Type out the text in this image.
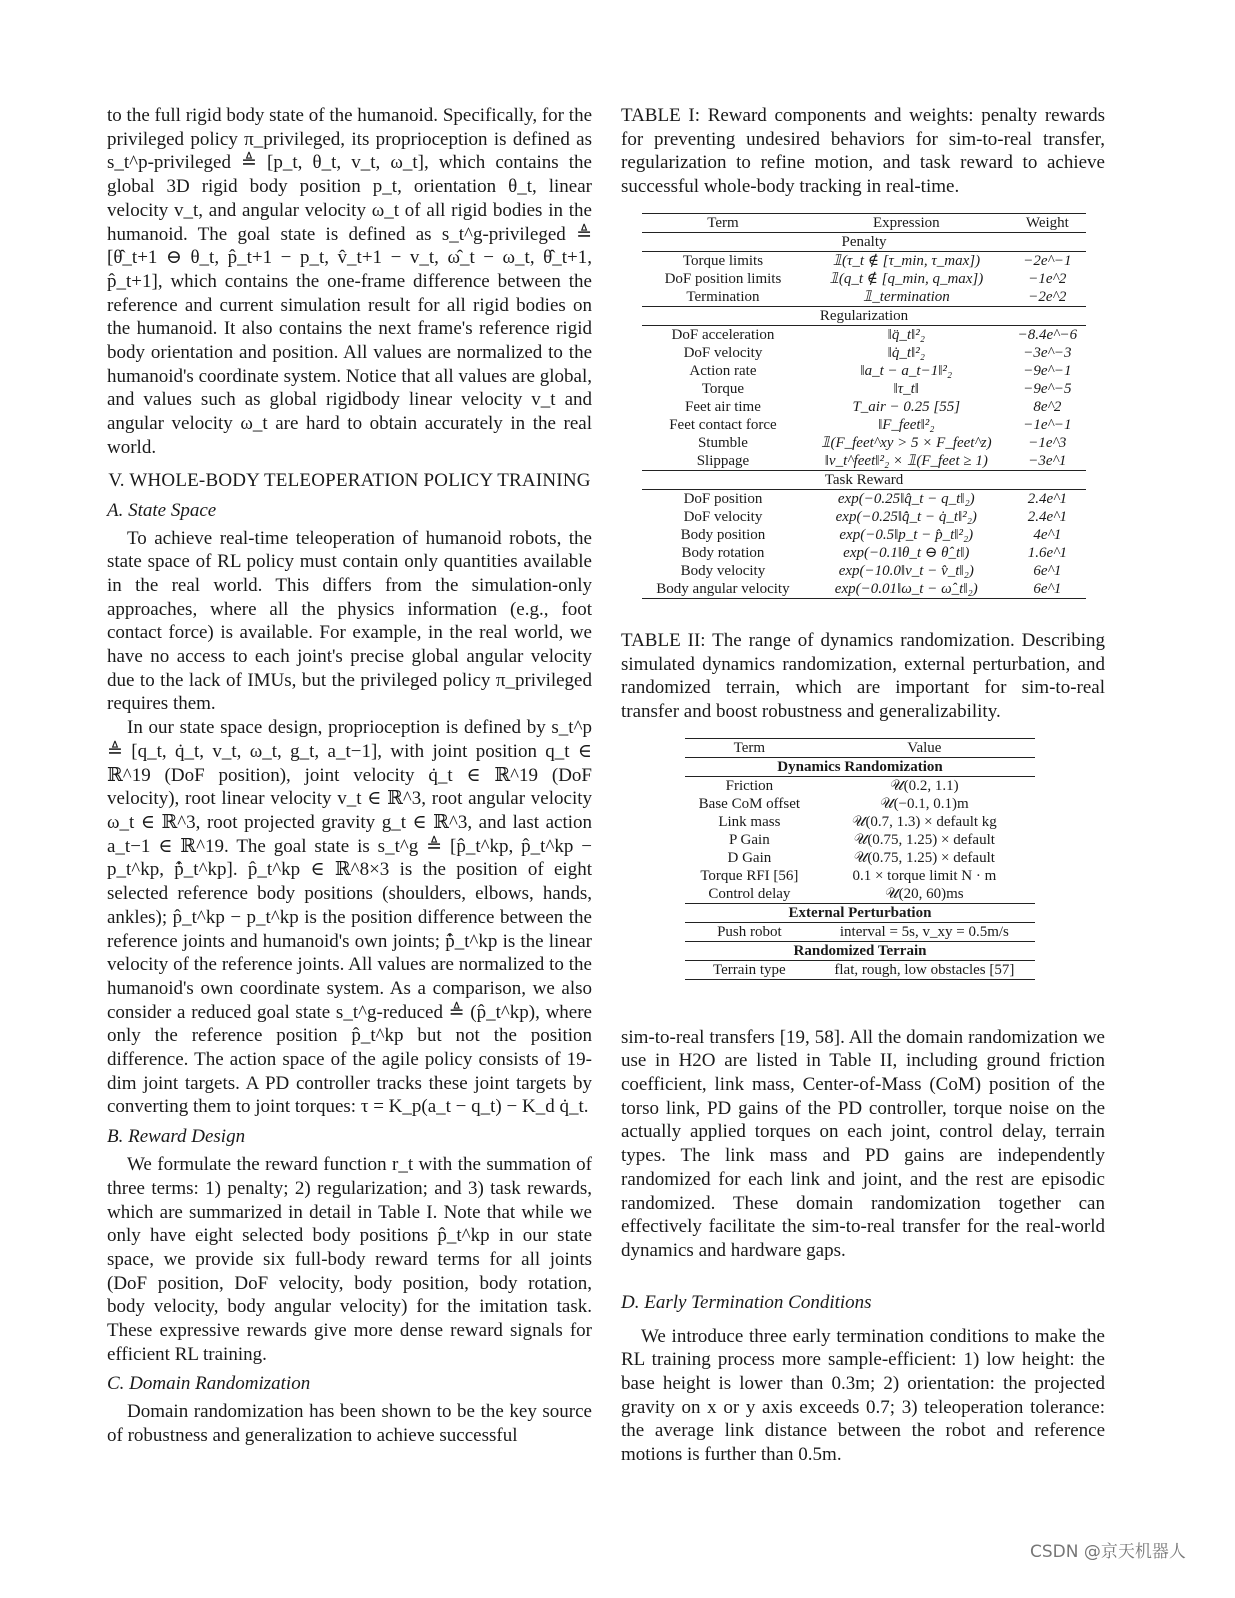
to the full rigid body state of the humanoid. Specifically, for the privileged policy π_privileged, its proprioception is defined as s_t^p-privileged ≜ [p_t, θ_t, v_t, ω_t], which contains the global 3D rigid body position p_t, orientation θ_t, linear velocity v_t, and angular velocity ω_t of all rigid bodies in the humanoid. The goal state is defined as s_t^g-privileged ≜ [θ̂_t+1 ⊖ θ_t, p̂_t+1 − p_t, v̂_t+1 − v_t, ω̂_t − ω_t, θ̂_t+1, p̂_t+1], which contains the one-frame difference between the reference and current simulation result for all rigid bodies on the humanoid. It also contains the next frame's reference rigid body orientation and position. All values are normalized to the humanoid's coordinate system. Notice that all values are global, and values such as global rigidbody linear velocity v_t and angular velocity ω_t are hard to obtain accurately in the real world.

V. WHOLE-BODY TELEOPERATION POLICY TRAINING
A. State Space

To achieve real-time teleoperation of humanoid robots, the state space of RL policy must contain only quantities available in the real world. This differs from the simulation-only approaches, where all the physics information (e.g., foot contact force) is available. For example, in the real world, we have no access to each joint's precise global angular velocity due to the lack of IMUs, but the privileged policy π_privileged requires them.

In our state space design, proprioception is defined by s_t^p ≜ [q_t, q̇_t, v_t, ω_t, g_t, a_t−1], with joint position q_t ∈ ℝ^19 (DoF position), joint velocity q̇_t ∈ ℝ^19 (DoF velocity), root linear velocity v_t ∈ ℝ^3, root angular velocity ω_t ∈ ℝ^3, root projected gravity g_t ∈ ℝ^3, and last action a_t−1 ∈ ℝ^19. The goal state is s_t^g ≜ [p̂_t^kp, p̂_t^kp − p_t^kp, p̂̇_t^kp]. p̂_t^kp ∈ ℝ^8×3 is the position of eight selected reference body positions (shoulders, elbows, hands, ankles); p̂_t^kp − p_t^kp is the position difference between the reference joints and humanoid's own joints; p̂̇_t^kp is the linear velocity of the reference joints. All values are normalized to the humanoid's own coordinate system. As a comparison, we also consider a reduced goal state s_t^g-reduced ≜ (p̂_t^kp), where only the reference position p̂_t^kp but not the position difference. The action space of the agile policy consists of 19-dim joint targets. A PD controller tracks these joint targets by converting them to joint torques: τ = K_p(a_t − q_t) − K_d q̇_t.

B. Reward Design

We formulate the reward function r_t with the summation of three terms: 1) penalty; 2) regularization; and 3) task rewards, which are summarized in detail in Table I. Note that while we only have eight selected body positions p̂_t^kp in our state space, we provide six full-body reward terms for all joints (DoF position, DoF velocity, body position, body rotation, body velocity, body angular velocity) for the imitation task. These expressive rewards give more dense reward signals for efficient RL training.

C. Domain Randomization

Domain randomization has been shown to be the key source of robustness and generalization to achieve successful

TABLE I: Reward components and weights: penalty rewards for preventing undesired behaviors for sim-to-real transfer, regularization to refine motion, and task reward to achieve successful whole-body tracking in real-time.
Term	Expression	Weight
Penalty		
Torque limits	𝟙(τ_t ∉ [τ_min, τ_max])	−2e^−1
DoF position limits	𝟙(q_t ∉ [q_min, q_max])	−1e^2
Termination	𝟙_termination	−2e^2
Regularization		
DoF acceleration	‖q̈_t‖²₂	−8.4e^−6
DoF velocity	‖q̇_t‖²₂	−3e^−3
Action rate	‖a_t − a_t−1‖²₂	−9e^−1
Torque	‖τ_t‖	−9e^−5
Feet air time	T_air − 0.25 [55]	8e^2
Feet contact force	‖F_feet‖²₂	−1e^−1
Stumble	𝟙(F_feet^xy > 5 × F_feet^z)	−1e^3
Slippage	‖v_t^feet‖²₂ × 𝟙(F_feet ≥ 1)	−3e^1
Task Reward		
DoF position	exp(−0.25‖q̂_t − q_t‖₂)	2.4e^1
DoF velocity	exp(−0.25‖q̂̇_t − q̇_t‖²₂)	2.4e^1
Body position	exp(−0.5‖p_t − p̂_t‖²₂)	4e^1
Body rotation	exp(−0.1‖θ_t ⊖ θ̂_t‖)	1.6e^1
Body velocity	exp(−10.0‖v_t − v̂_t‖₂)	6e^1
Body angular velocity	exp(−0.01‖ω_t − ω̂_t‖₂)	6e^1
TABLE II: The range of dynamics randomization. Describing simulated dynamics randomization, external perturbation, and randomized terrain, which are important for sim-to-real transfer and boost robustness and generalizability.
Term	Value
Dynamics Randomization	
Friction	𝒰(0.2, 1.1)
Base CoM offset	𝒰(−0.1, 0.1)m
Link mass	𝒰(0.7, 1.3) × default kg
P Gain	𝒰(0.75, 1.25) × default
D Gain	𝒰(0.75, 1.25) × default
Torque RFI [56]	0.1 × torque limit N · m
Control delay	𝒰(20, 60)ms
External Perturbation	
Push robot	interval = 5s, v_xy = 0.5m/s
Randomized Terrain	
Terrain type	flat, rough, low obstacles [57]

sim-to-real transfers [19, 58]. All the domain randomization we use in H2O are listed in Table II, including ground friction coefficient, link mass, Center-of-Mass (CoM) position of the torso link, PD gains of the PD controller, torque noise on the actually applied torques on each joint, control delay, terrain types. The link mass and PD gains are independently randomized for each link and joint, and the rest are episodic randomized. These domain randomization together can effectively facilitate the sim-to-real transfer for the real-world dynamics and hardware gaps.

D. Early Termination Conditions

We introduce three early termination conditions to make the RL training process more sample-efficient: 1) low height: the base height is lower than 0.3m; 2) orientation: the projected gravity on x or y axis exceeds 0.7; 3) teleoperation tolerance: the average link distance between the robot and reference motions is further than 0.5m.

CSDN @京天机器人
